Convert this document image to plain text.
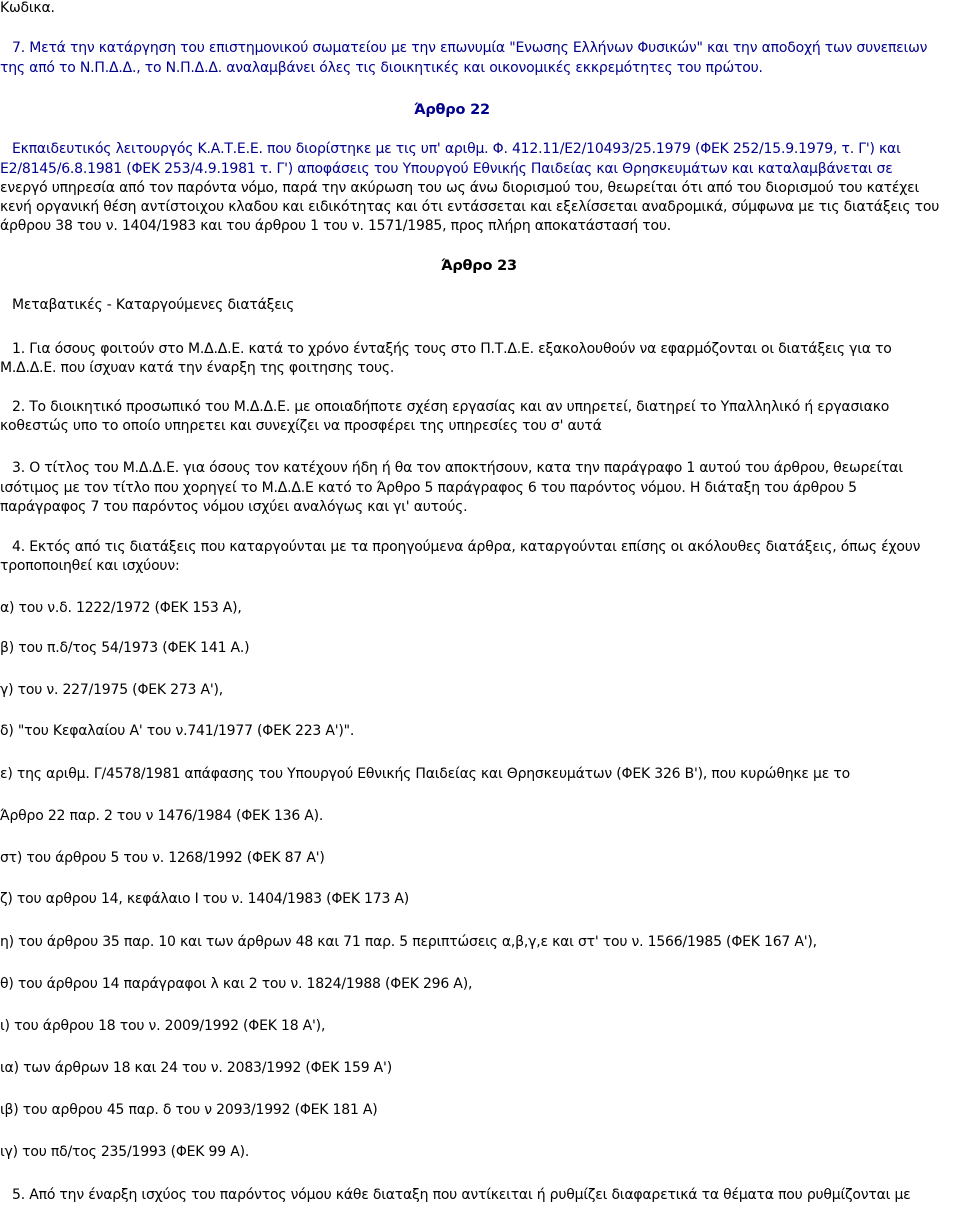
Κωδικα.
7. Μετά την κατάργηση του επιστημονικού σωματείου με την επωνυμία "Ενωσης Ελλήνων Φυσικών" και την αποδοχή των συνεπειων
της από το Ν.Π.Δ.Δ., το Ν.Π.Δ.Δ. αναλαμβάνει όλες τις διοικητικές και οικονομικές εκκρεμότητες του πρώτου.
Άρθρο 22
Εκπαιδευτικός λειτουργός Κ.Α.Τ.Ε.Ε. που διορίστηκε με τις υπ' αριθμ. Φ. 412.11/Ε2/10493/25.1979 (ΦΕΚ 252/15.9.1979, τ. Γ') και
Ε2/8145/6.8.1981 (ΦΕΚ 253/4.9.1981 τ. Γ') αποφάσεις του Υπουργού Εθνικής Παιδείας και Θρησκευμάτων και καταλαμβάνεται σε
ενεργό υπηρεσία από τον παρόντα νόμο, παρά την ακύρωση του ως άνω διορισμού του, θεωρείται ότι από του διορισμού του κατέχει
κενή οργανική θέση αντίστοιχου κλαδου και ειδικότητας και ότι εντάσσεται και εξελίσσεται αναδρομικά, σύμφωνα με τις διατάξεις του
άρθρου 38 του ν. 1404/1983 και του άρθρου 1 του ν. 1571/1985, προς πλήρη αποκατάστασή του.
Άρθρο 23
Μεταβατικές - Καταργούμενες διατάξεις
1. Για όσους φοιτούν στο Μ.Δ.Δ.Ε. κατά το χρόνο ένταξής τους στο Π.Τ.Δ.Ε. εξακολουθούν να εφαρμόζονται οι διατάξεις για το
Μ.Δ.Δ.Ε. που ίσχυαν κατά την έναρξη της φοιτησης τους.
2. Το διοικητικό προσωπικό του Μ.Δ.Δ.Ε. με οποιαδήποτε σχέση εργασίας και αν υπηρετεί, διατηρεί το Υπαλληλικό ή εργασιακο
κοθεστώς υπο το οποίο υπηρετει και συνεχίζει να προσφέρει της υπηρεσίες του σ' αυτά
3. Ο τίτλος του Μ.Δ.Δ.Ε. για όσους τον κατέχουν ήδη ή θα τον αποκτήσουν, κατα την παράγραφο 1 αυτού του άρθρου, θεωρείται
ισότιμος με τον τίτλο που χορηγεί το Μ.Δ.Δ.Ε κατό το Άρθρο 5 παράγραφος 6 του παρόντος νόμου. Η διάταξη του άρθρου 5
παράγραφος 7 του παρόντος νόμου ισχύει αναλόγως και γι' αυτούς.
4. Εκτός από τις διατάξεις που καταργούνται με τα προηγούμενα άρθρα, καταργούνται επίσης οι ακόλουθες διατάξεις, όπως έχουν
τροποποιηθεί και ισχύουν:
α) του ν.δ. 1222/1972 (ΦΕΚ 153 Α),
β) του π.δ/τος 54/1973 (ΦΕΚ 141 Α.)
γ) του ν. 227/1975 (ΦΕΚ 273 Α'),
δ) "του Κεφαλαίου Α' του ν.741/1977 (ΦΕΚ 223 Α')".
ε) της αριθμ. Γ/4578/1981 απάφασης του Υπουργού Εθνικής Παιδείας και Θρησκευμάτων (ΦΕΚ 326 Β'), που κυρώθηκε με το
Άρθρο 22 παρ. 2 του ν 1476/1984 (ΦΕΚ 136 Α).
στ) του άρθρου 5 του ν. 1268/1992 (ΦΕΚ 87 Α')
ζ) του αρθρου 14, κεφάλαιο Ι του ν. 1404/1983 (ΦΕΚ 173 Α)
η) του άρθρου 35 παρ. 10 και των άρθρων 48 και 71 παρ. 5 περιπτώσεις α,β,γ,ε και στ' του ν. 1566/1985 (ΦΕΚ 167 Α'),
θ) του άρθρου 14 παράγραφοι λ και 2 του ν. 1824/1988 (ΦΕΚ 296 Α),
ι) του άρθρου 18 του ν. 2009/1992 (ΦΕΚ 18 Α'),
ια) των άρθρων 18 και 24 του ν. 2083/1992 (ΦΕΚ 159 Α')
ιβ) του αρθρου 45 παρ. δ του ν 2093/1992 (ΦΕΚ 181 Α)
ιγ) του πδ/τος 235/1993 (ΦΕΚ 99 Α).
5. Από την έναρξη ισχύος του παρόντος νόμου κάθε διαταξη που αντίκειται ή ρυθμίζει διαφαρετικά τα θέματα που ρυθμίζονται με
